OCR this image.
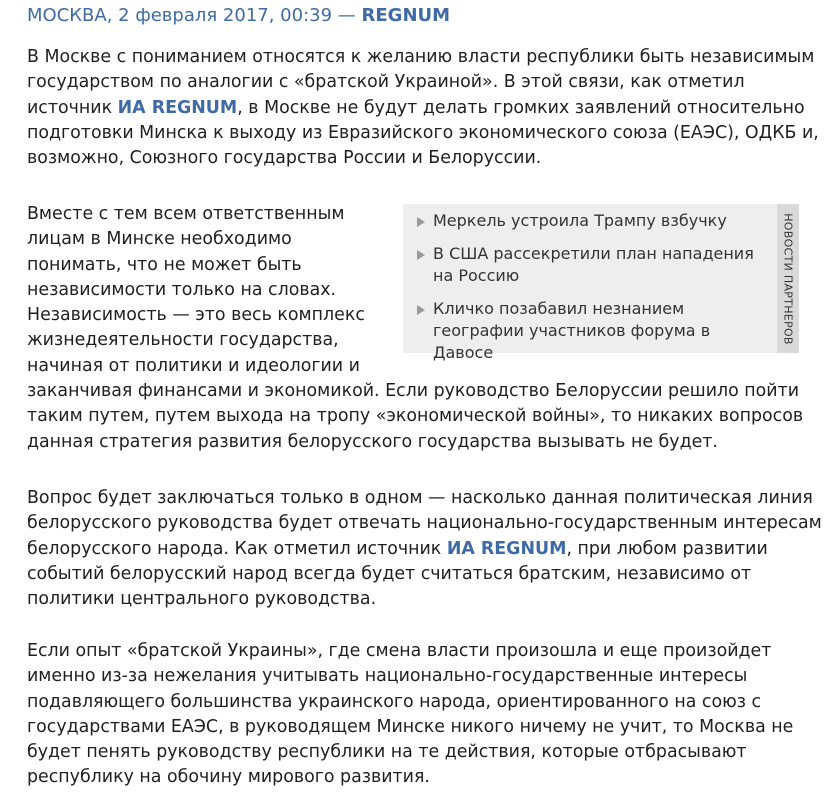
МОСКВА, 2 февраля 2017, 00:39 — REGNUM

В Москве с пониманием относятся к желанию власти республики быть независимым государством по аналогии с «братской Украиной». В этой связи, как отметил источник ИА REGNUM, в Москве не будут делать громких заявлений относительно подготовки Минска к выходу из Евразийского экономического союза (ЕАЭС), ОДКБ и, возможно, Союзного государства России и Белоруссии.

Вместе с тем всем ответственным лицам в Минске необходимо понимать, что не может быть независимости только на словах. Независимость — это весь комплекс жизнедеятельности государства, начиная от политики и идеологии и заканчивая финансами и экономикой. Если руководство Белоруссии решило пойти таким путем, путем выхода на тропу «экономической войны», то никаких вопросов данная стратегия развития белорусского государства вызывать не будет.

Меркель устроила Трампу взбучку
В США рассекретили план нападения на Россию
Кличко позабавил незнанием географии участников форума в Давосе
НОВОСТИ ПАРТНЕРОВ

Вопрос будет заключаться только в одном — насколько данная политическая линия белорусского руководства будет отвечать национально-государственным интересам белорусского народа. Как отметил источник ИА REGNUM, при любом развитии событий белорусский народ всегда будет считаться братским, независимо от политики центрального руководства.

Если опыт «братской Украины», где смена власти произошла и еще произойдет именно из-за нежелания учитывать национально-государственные интересы подавляющего большинства украинского народа, ориентированного на союз с государствами ЕАЭС, в руководящем Минске никого ничему не учит, то Москва не будет пенять руководству республики на те действия, которые отбрасывают республику на обочину мирового развития.
